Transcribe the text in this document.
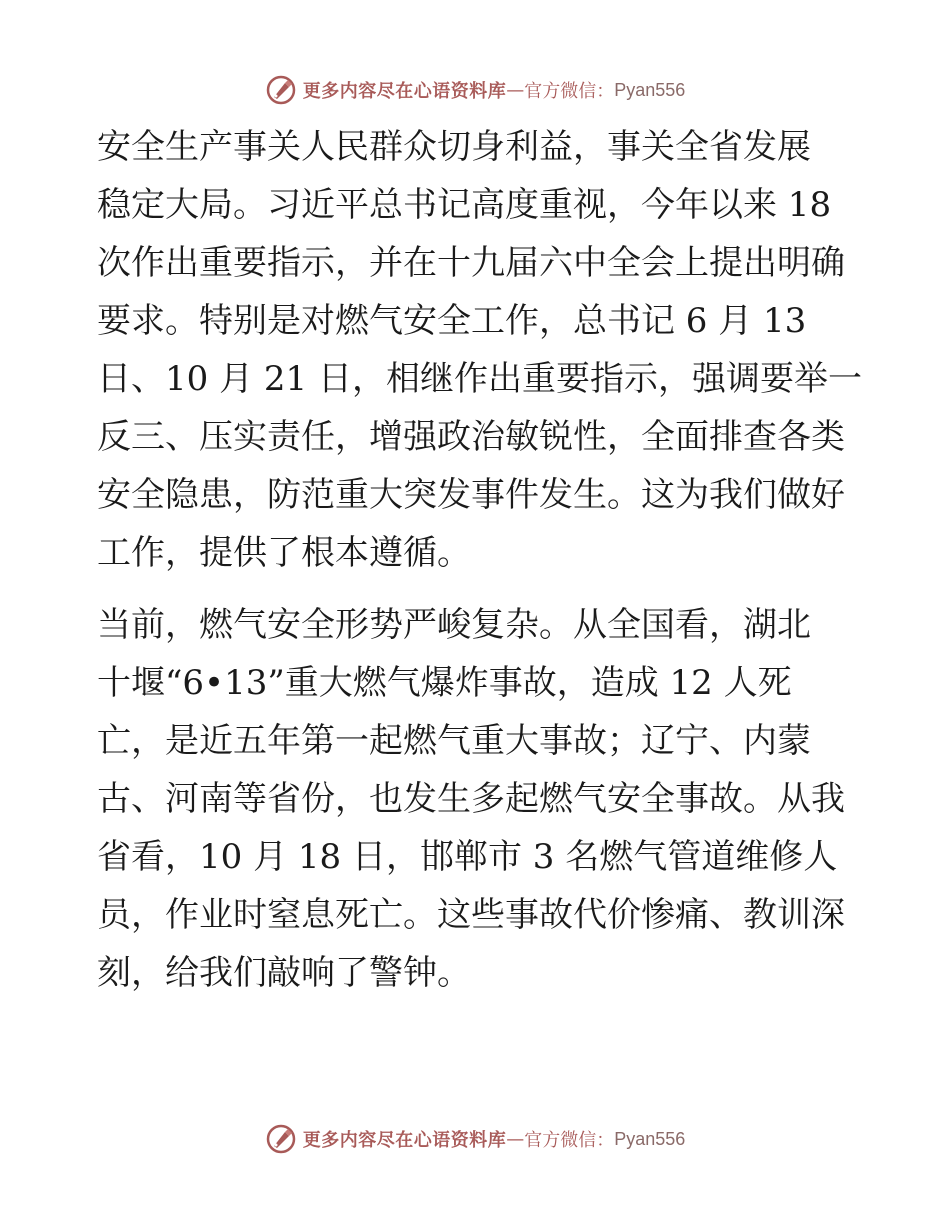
更多内容尽在心语资料库 — 官方微信： Pyan556

安全生产事关人民群众切身利益，事关全省发展
稳定大局。习近平总书记高度重视，今年以来 18
次作出重要指示，并在十九届六中全会上提出明确
要求。特别是对燃气安全工作，总书记 6 月 13
日、10 月 21 日，相继作出重要指示，强调要举一
反三、压实责任，增强政治敏锐性，全面排查各类
安全隐患，防范重大突发事件发生。这为我们做好
工作，提供了根本遵循。

当前，燃气安全形势严峻复杂。从全国看，湖北
十堰“6•13”重大燃气爆炸事故，造成 12 人死
亡，是近五年第一起燃气重大事故；辽宁、内蒙
古、河南等省份，也发生多起燃气安全事故。从我
省看，10 月 18 日，邯郸市 3 名燃气管道维修人
员，作业时窒息死亡。这些事故代价惨痛、教训深
刻，给我们敲响了警钟。

更多内容尽在心语资料库 — 官方微信： Pyan556
